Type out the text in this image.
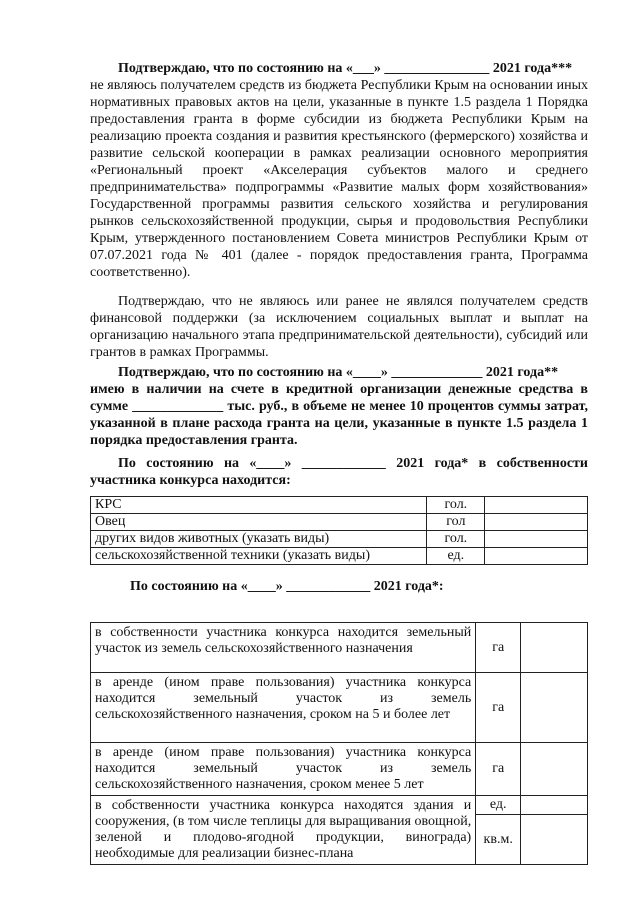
Подтверждаю, что по состоянию на «___» _______________ 2021 года***

не являюсь получателем средств из бюджета Республики Крым на основании иных нормативных правовых актов на цели, указанные в пункте 1.5 раздела 1 Порядка предоставления гранта в форме субсидии из бюджета Республики Крым на реализацию проекта создания и развития крестьянского (фермерского) хозяйства и развитие сельской кооперации в рамках реализации основного мероприятия «Региональный проект «Акселерация субъектов малого и среднего предпринимательства» подпрограммы «Развитие малых форм хозяйствования» Государственной программы развития сельского хозяйства и регулирования рынков сельскохозяйственной продукции, сырья и продовольствия Республики Крым, утвержденного постановлением Совета министров Республики Крым от 07.07.2021 года № 401 (далее - порядок предоставления гранта, Программа соответственно).

Подтверждаю, что не являюсь или ранее не являлся получателем средств финансовой поддержки (за исключением социальных выплат и выплат на организацию начального этапа предпринимательской деятельности), субсидий или грантов в рамках Программы.

Подтверждаю, что по состоянию на «____» _____________ 2021 года**

имею в наличии на счете в кредитной организации денежные средства в сумме _____________ тыс. руб., в объеме не менее 10 процентов суммы затрат, указанной в плане расхода гранта на цели, указанные в пункте 1.5 раздела 1 порядка предоставления гранта.

По состоянию на «____» ____________ 2021 года* в собственности участника конкурса находится:

КРС	гол.	
Овец	гол	
других видов животных (указать виды)	гол.	
сельскохозяйственной техники (указать виды)	ед.	

По состоянию на «____» ____________ 2021 года*:

в собственности участника конкурса находится земельный участок из земель сельскохозяйственного назначения	га	
в аренде (ином праве пользования) участника конкурса находится земельный участок из земель сельскохозяйственного назначения, сроком на 5 и более лет	га	
в аренде (ином праве пользования) участника конкурса находится земельный участок из земель сельскохозяйственного назначения, сроком менее 5 лет	га	
в собственности участника конкурса находятся здания и сооружения, (в том числе теплицы для выращивания овощной, зеленой и плодово-ягодной продукции, винограда) необходимые для реализации бизнес-плана	ед.	
	кв.м.	
